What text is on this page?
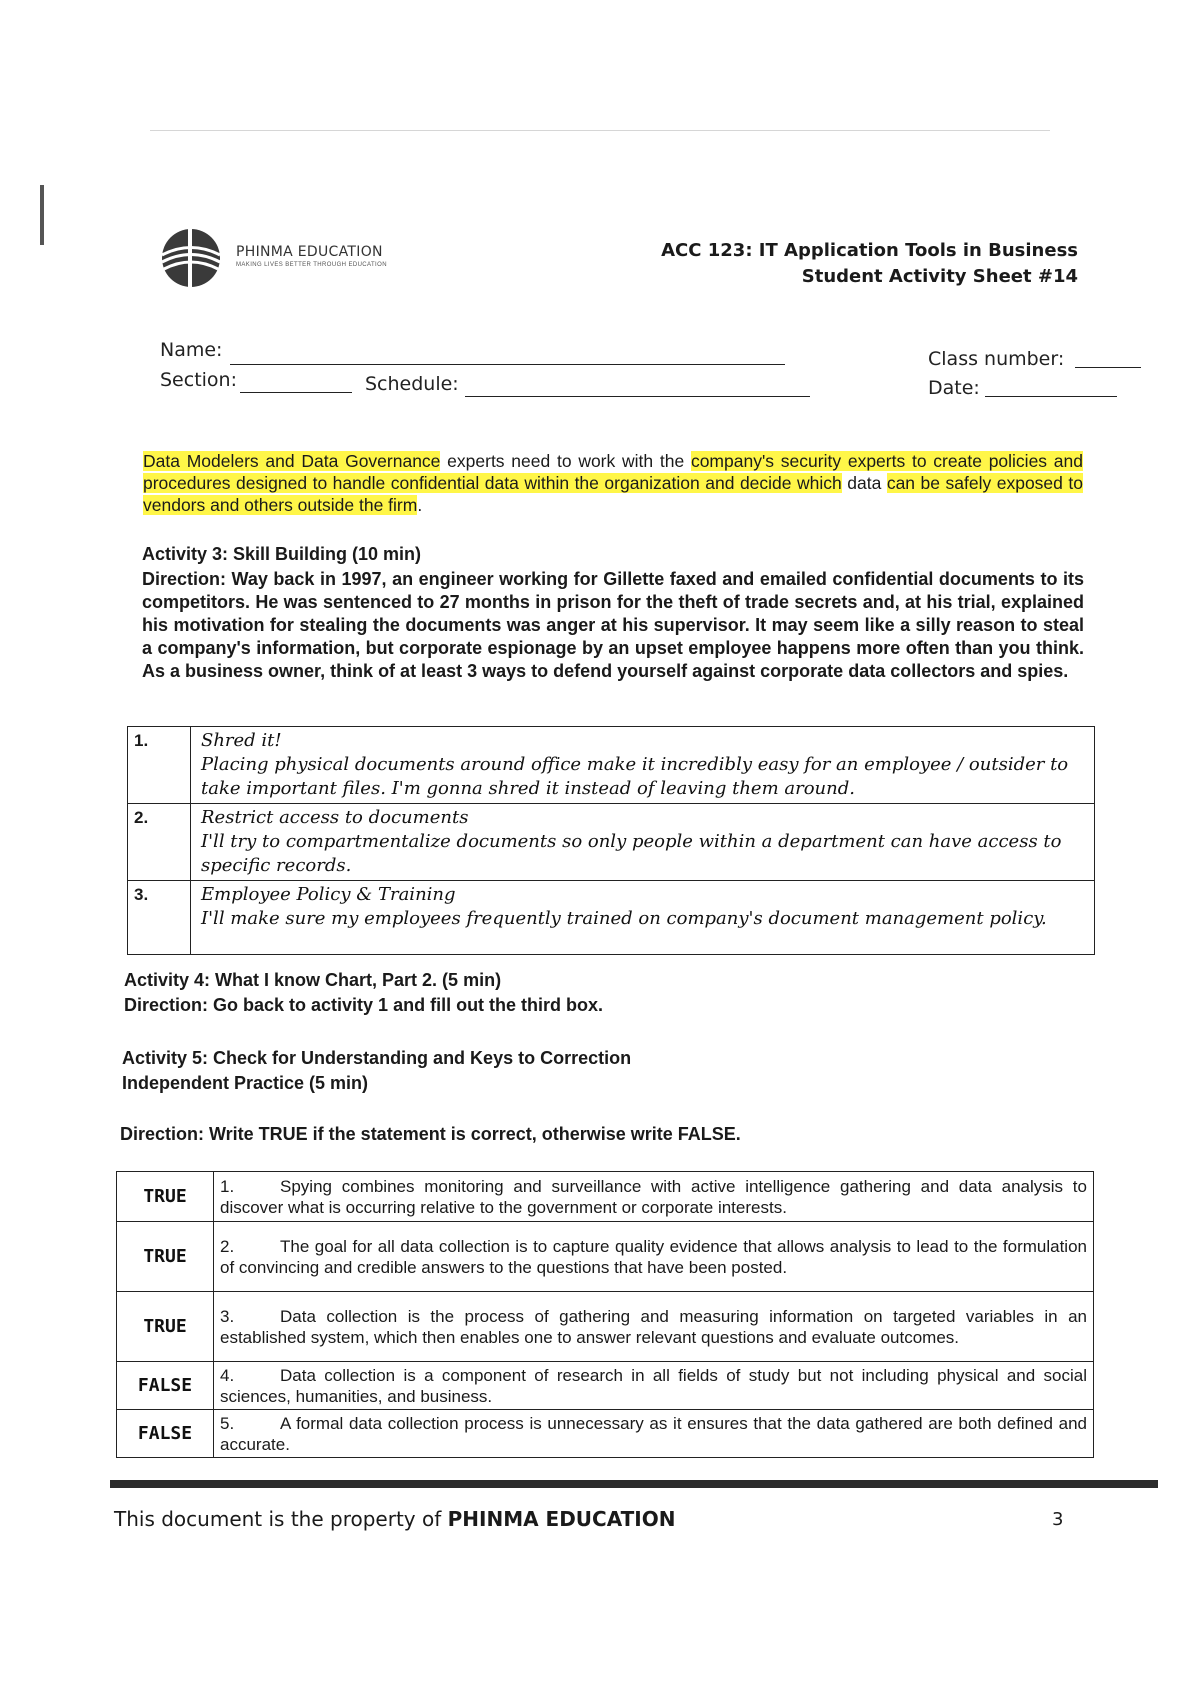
PHINMA EDUCATION
MAKING LIVES BETTER THROUGH EDUCATION
ACC 123: IT Application Tools in Business
Student Activity Sheet #14
Name:
Section:	Schedule:
Class number:
Date:
Data Modelers and Data Governance experts need to work with the company's security experts to create policies and procedures designed to handle confidential data within the organization and decide which data can be safely exposed to vendors and others outside the firm.
Activity 3: Skill Building (10 min)
Direction: Way back in 1997, an engineer working for Gillette faxed and emailed confidential documents to its competitors. He was sentenced to 27 months in prison for the theft of trade secrets and, at his trial, explained his motivation for stealing the documents was anger at his supervisor. It may seem like a silly reason to steal a company's information, but corporate espionage by an upset employee happens more often than you think. As a business owner, think of at least 3 ways to defend yourself against corporate data collectors and spies.
1.	Shred it!
Placing physical documents around office make it incredibly easy for an employee / outsider to take important files. I'm gonna shred it instead of leaving them around.

2.	Restrict access to documents
I'll try to compartmentalize documents so only people within a department can have access to specific records.

3.	Employee Policy & Training
I'll make sure my employees frequently trained on company's document management policy.
Activity 4: What I know Chart, Part 2. (5 min)
Direction: Go back to activity 1 and fill out the third box.
Activity 5: Check for Understanding and Keys to Correction
Independent Practice (5 min)
Direction: Write TRUE if the statement is correct, otherwise write FALSE.
TRUE	1. Spying combines monitoring and surveillance with active intelligence gathering and data analysis to discover what is occurring relative to the government or corporate interests.
TRUE	2. The goal for all data collection is to capture quality evidence that allows analysis to lead to the formulation of convincing and credible answers to the questions that have been posted.
TRUE	3. Data collection is the process of gathering and measuring information on targeted variables in an established system, which then enables one to answer relevant questions and evaluate outcomes.
FALSE	4. Data collection is a component of research in all fields of study but not including physical and social sciences, humanities, and business.
FALSE	5. A formal data collection process is unnecessary as it ensures that the data gathered are both defined and accurate.
This document is the property of PHINMA EDUCATION	3
